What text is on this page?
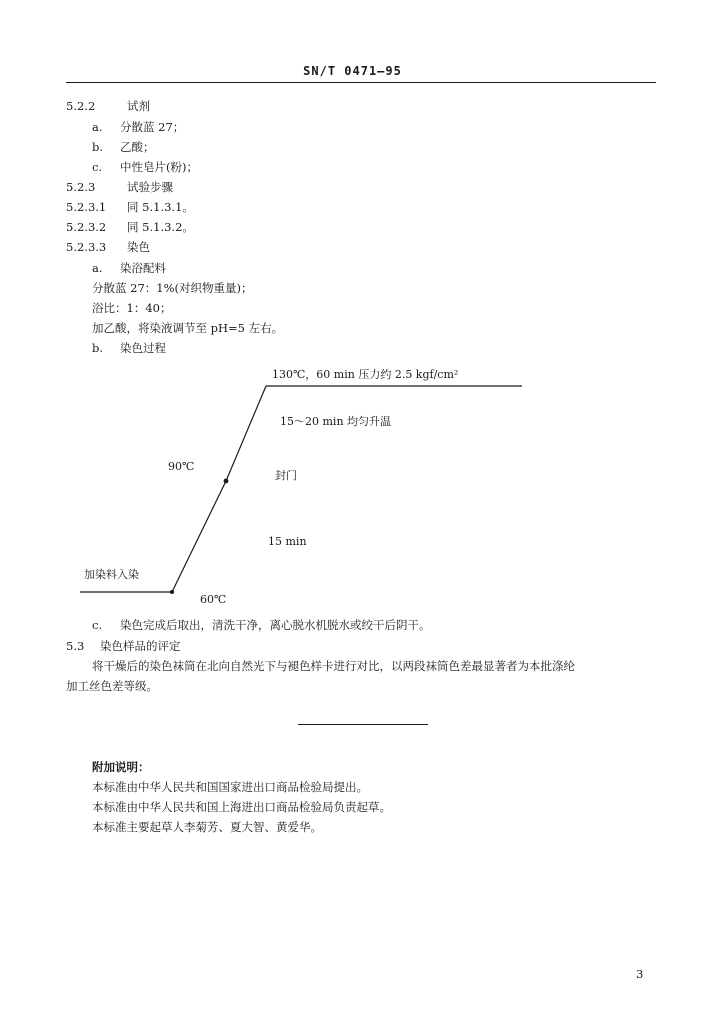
SN/T 0471—95
5.2.2	试剂
a. 分散蓝 27；
b. 乙酸；
c. 中性皂片(粉)；
5.2.3	试验步骤
5.2.3.1 同 5.1.3.1。
5.2.3.2 同 5.1.3.2。
5.2.3.3 染色
a. 染浴配料
分散蓝 27：1%(对织物重量)；
浴比：1：40；
加乙酸，将染液调节至 pH=5 左右。
b. 染色过程
130℃，60 min 压力约 2.5 kgf/cm²
15～20 min 均匀升温
90℃
封门
15 min
加染料入染
60℃
c. 染色完成后取出，清洗干净，离心脱水机脱水或绞干后阴干。
5.3 染色样品的评定
将干燥后的染色袜筒在北向自然光下与褪色样卡进行对比，以两段袜筒色差最显著者为本批涤纶
加工丝色差等级。
附加说明：
本标准由中华人民共和国国家进出口商品检验局提出。
本标准由中华人民共和国上海进出口商品检验局负责起草。
本标准主要起草人李菊芳、夏大智、黄爱华。
3
